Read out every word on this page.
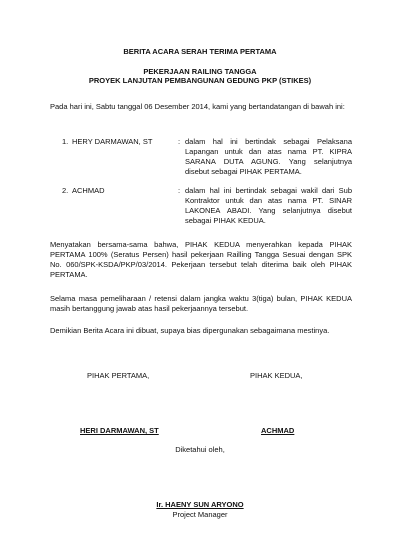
BERITA ACARA SERAH TERIMA PERTAMA
PEKERJAAN RAILING TANGGA
PROYEK LANJUTAN PEMBANGUNAN GEDUNG PKP (STIKES)
Pada hari ini, Sabtu tanggal 06 Desember 2014, kami yang bertandatangan di bawah ini:
1. HERY DARMAWAN, ST	: dalam hal ini bertindak sebagai Pelaksana Lapangan untuk dan atas nama PT. KIPRA SARANA DUTA AGUNG. Yang selanjutnya disebut sebagai PIHAK PERTAMA.
2. ACHMAD	: dalam hal ini bertindak sebagai wakil dari Sub Kontraktor untuk dan atas nama PT. SINAR LAKONEA ABADI. Yang selanjutnya disebut sebagai PIHAK KEDUA.
Menyatakan bersama-sama bahwa, PIHAK KEDUA menyerahkan kepada PIHAK PERTAMA 100% (Seratus Persen) hasil pekerjaan Railling Tangga Sesuai dengan SPK No. 060/SPK-KSDA/PKP/03/2014. Pekerjaan tersebut telah diterima baik oleh PIHAK PERTAMA.
Selama masa pemeliharaan / retensi dalam jangka waktu 3(tiga) bulan, PIHAK KEDUA masih bertanggung jawab atas hasil pekerjaannya tersebut.
Demikian Berita Acara ini dibuat, supaya bias dipergunakan sebagaimana mestinya.
PIHAK PERTAMA,	PIHAK KEDUA,
HERI DARMAWAN, ST	ACHMAD
Diketahui oleh,
Ir. HAENY SUN ARYONO
Project Manager
